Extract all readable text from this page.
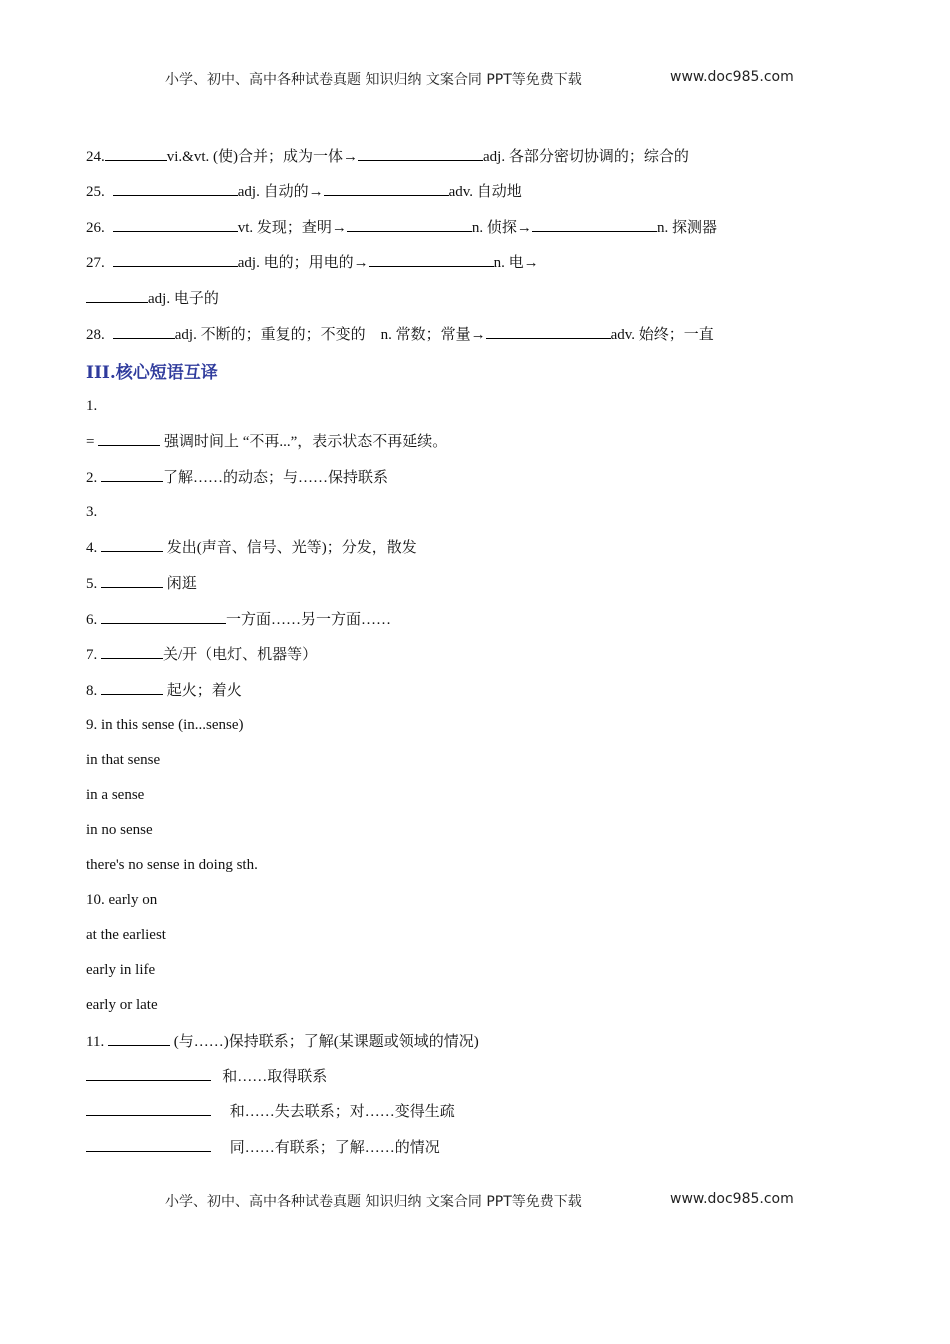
小学、初中、高中各种试卷真题 知识归纳 文案合同 PPT等免费下载	www.doc985.com
24.	vi.&vt. (使)合并；成为一体→	adj. 各部分密切协调的；综合的
25.	adj. 自动的→	adv. 自动地
26.	vt. 发现；查明→	n. 侦探→	n. 探测器
27.	adj. 电的；用电的→	n. 电→
adj. 电子的
28.	adj. 不断的；重复的；不变的　n. 常数；常量→	adv. 始终；一直
III.核心短语互译
1.
=	强调时间上 “不再...”，表示状态不再延续。
2.	了解……的动态；与……保持联系
3.
4.	发出(声音、信号、光等)；分发，散发
5.	闲逛
6.	一方面……另一方面……
7.	关/开（电灯、机器等）
8.	起火；着火
9. in this sense (in...sense)
in that sense
in a sense
in no sense
there's no sense in doing sth.
10. early on
at the earliest
early in life
early or late
11.	(与……)保持联系；了解(某课题或领域的情况)
和……取得联系
和……失去联系；对……变得生疏
同……有联系；了解……的情况
小学、初中、高中各种试卷真题 知识归纳 文案合同 PPT等免费下载	www.doc985.com
